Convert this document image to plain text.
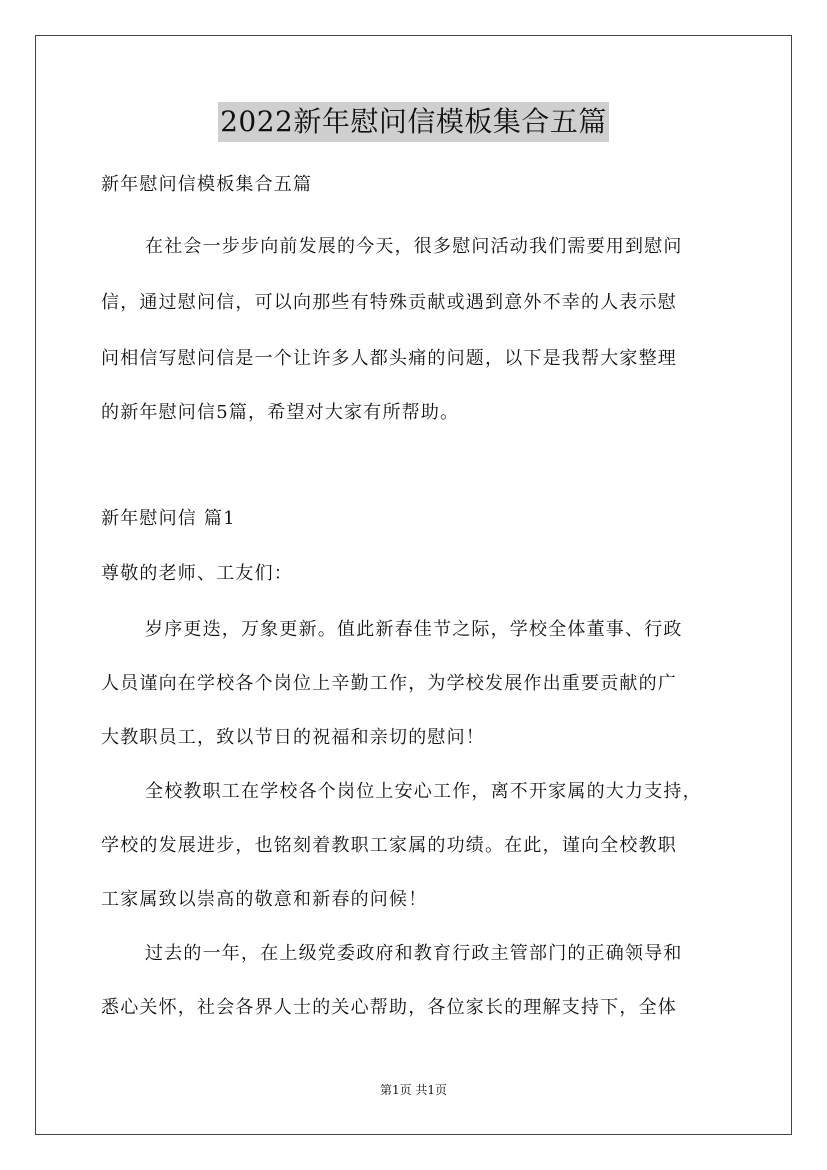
2022新年慰问信模板集合五篇
新年慰问信模板集合五篇
在社会一步步向前发展的今天，很多慰问活动我们需要用到慰问
信，通过慰问信，可以向那些有特殊贡献或遇到意外不幸的人表示慰
问相信写慰问信是一个让许多人都头痛的问题，以下是我帮大家整理
的新年慰问信5篇，希望对大家有所帮助。
新年慰问信 篇1
尊敬的老师、工友们：
岁序更迭，万象更新。值此新春佳节之际，学校全体董事、行政
人员谨向在学校各个岗位上辛勤工作，为学校发展作出重要贡献的广
大教职员工，致以节日的祝福和亲切的慰问！
全校教职工在学校各个岗位上安心工作，离不开家属的大力支持，
学校的发展进步，也铭刻着教职工家属的功绩。在此，谨向全校教职
工家属致以崇高的敬意和新春的问候！
过去的一年，在上级党委政府和教育行政主管部门的正确领导和
悉心关怀，社会各界人士的关心帮助，各位家长的理解支持下，全体
第1页 共1页
